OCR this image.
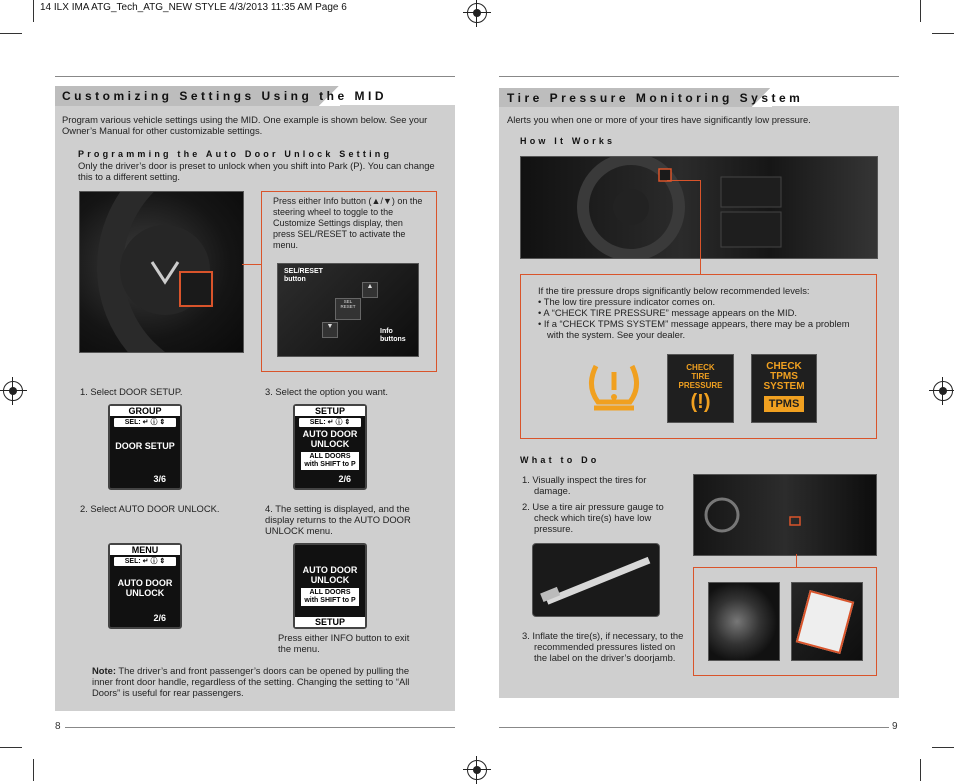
14 ILX IMA ATG_Tech_ATG_NEW STYLE 4/3/2013 11:35 AM Page 6
Customizing Settings Using the MID
Program various vehicle settings using the MID. One example is shown below. See your Owner’s Manual for other customizable settings.
Programming the Auto Door Unlock Setting
Only the driver’s door is preset to unlock when you shift into Park (P). You can change this to a different setting.
Press either Info button (▲/▼) on the steering wheel to toggle to the Customize Settings display, then press SEL/RESET to activate the menu.
SEL/RESET button
SEL RESET
▲
▼
Info buttons
1. Select DOOR SETUP.	3. Select the option you want.
GROUP
SEL: ↵ ⓘ ⇕
DOOR SETUP
3/6
SETUP
SEL: ↵ ⓘ ⇕
AUTO DOOR
UNLOCK
ALL DOORS
with SHIFT to P
2/6
2. Select AUTO DOOR UNLOCK.	4. The setting is displayed, and the display returns to the AUTO DOOR UNLOCK menu.
MENU
SEL: ↵ ⓘ ⇕
AUTO DOOR
UNLOCK
2/6
AUTO DOOR
UNLOCK
ALL DOORS
with SHIFT to P
SETUP
Press either INFO button to exit the menu.
Note: The driver’s and front passenger’s doors can be opened by pulling the inner front door handle, regardless of the setting. Changing the setting to “All Doors” is useful for rear passengers.
8
Tire Pressure Monitoring System
Alerts you when one or more of your tires have significantly low pressure.
How It Works
If the tire pressure drops significantly below recommended levels:
• The low tire pressure indicator comes on.
• A “CHECK TIRE PRESSURE” message appears on the MID.
• If a “CHECK TPMS SYSTEM” message appears, there may be a problem with the system. See your dealer.
CHECK
TIRE
PRESSURE
(!)
CHECK
TPMS
SYSTEM
TPMS
What to Do
1. Visually inspect the tires for damage.
2. Use a tire air pressure gauge to check which tire(s) have low pressure.
3. Inflate the tire(s), if necessary, to the recommended pressures listed on the label on the driver’s doorjamb.
9
